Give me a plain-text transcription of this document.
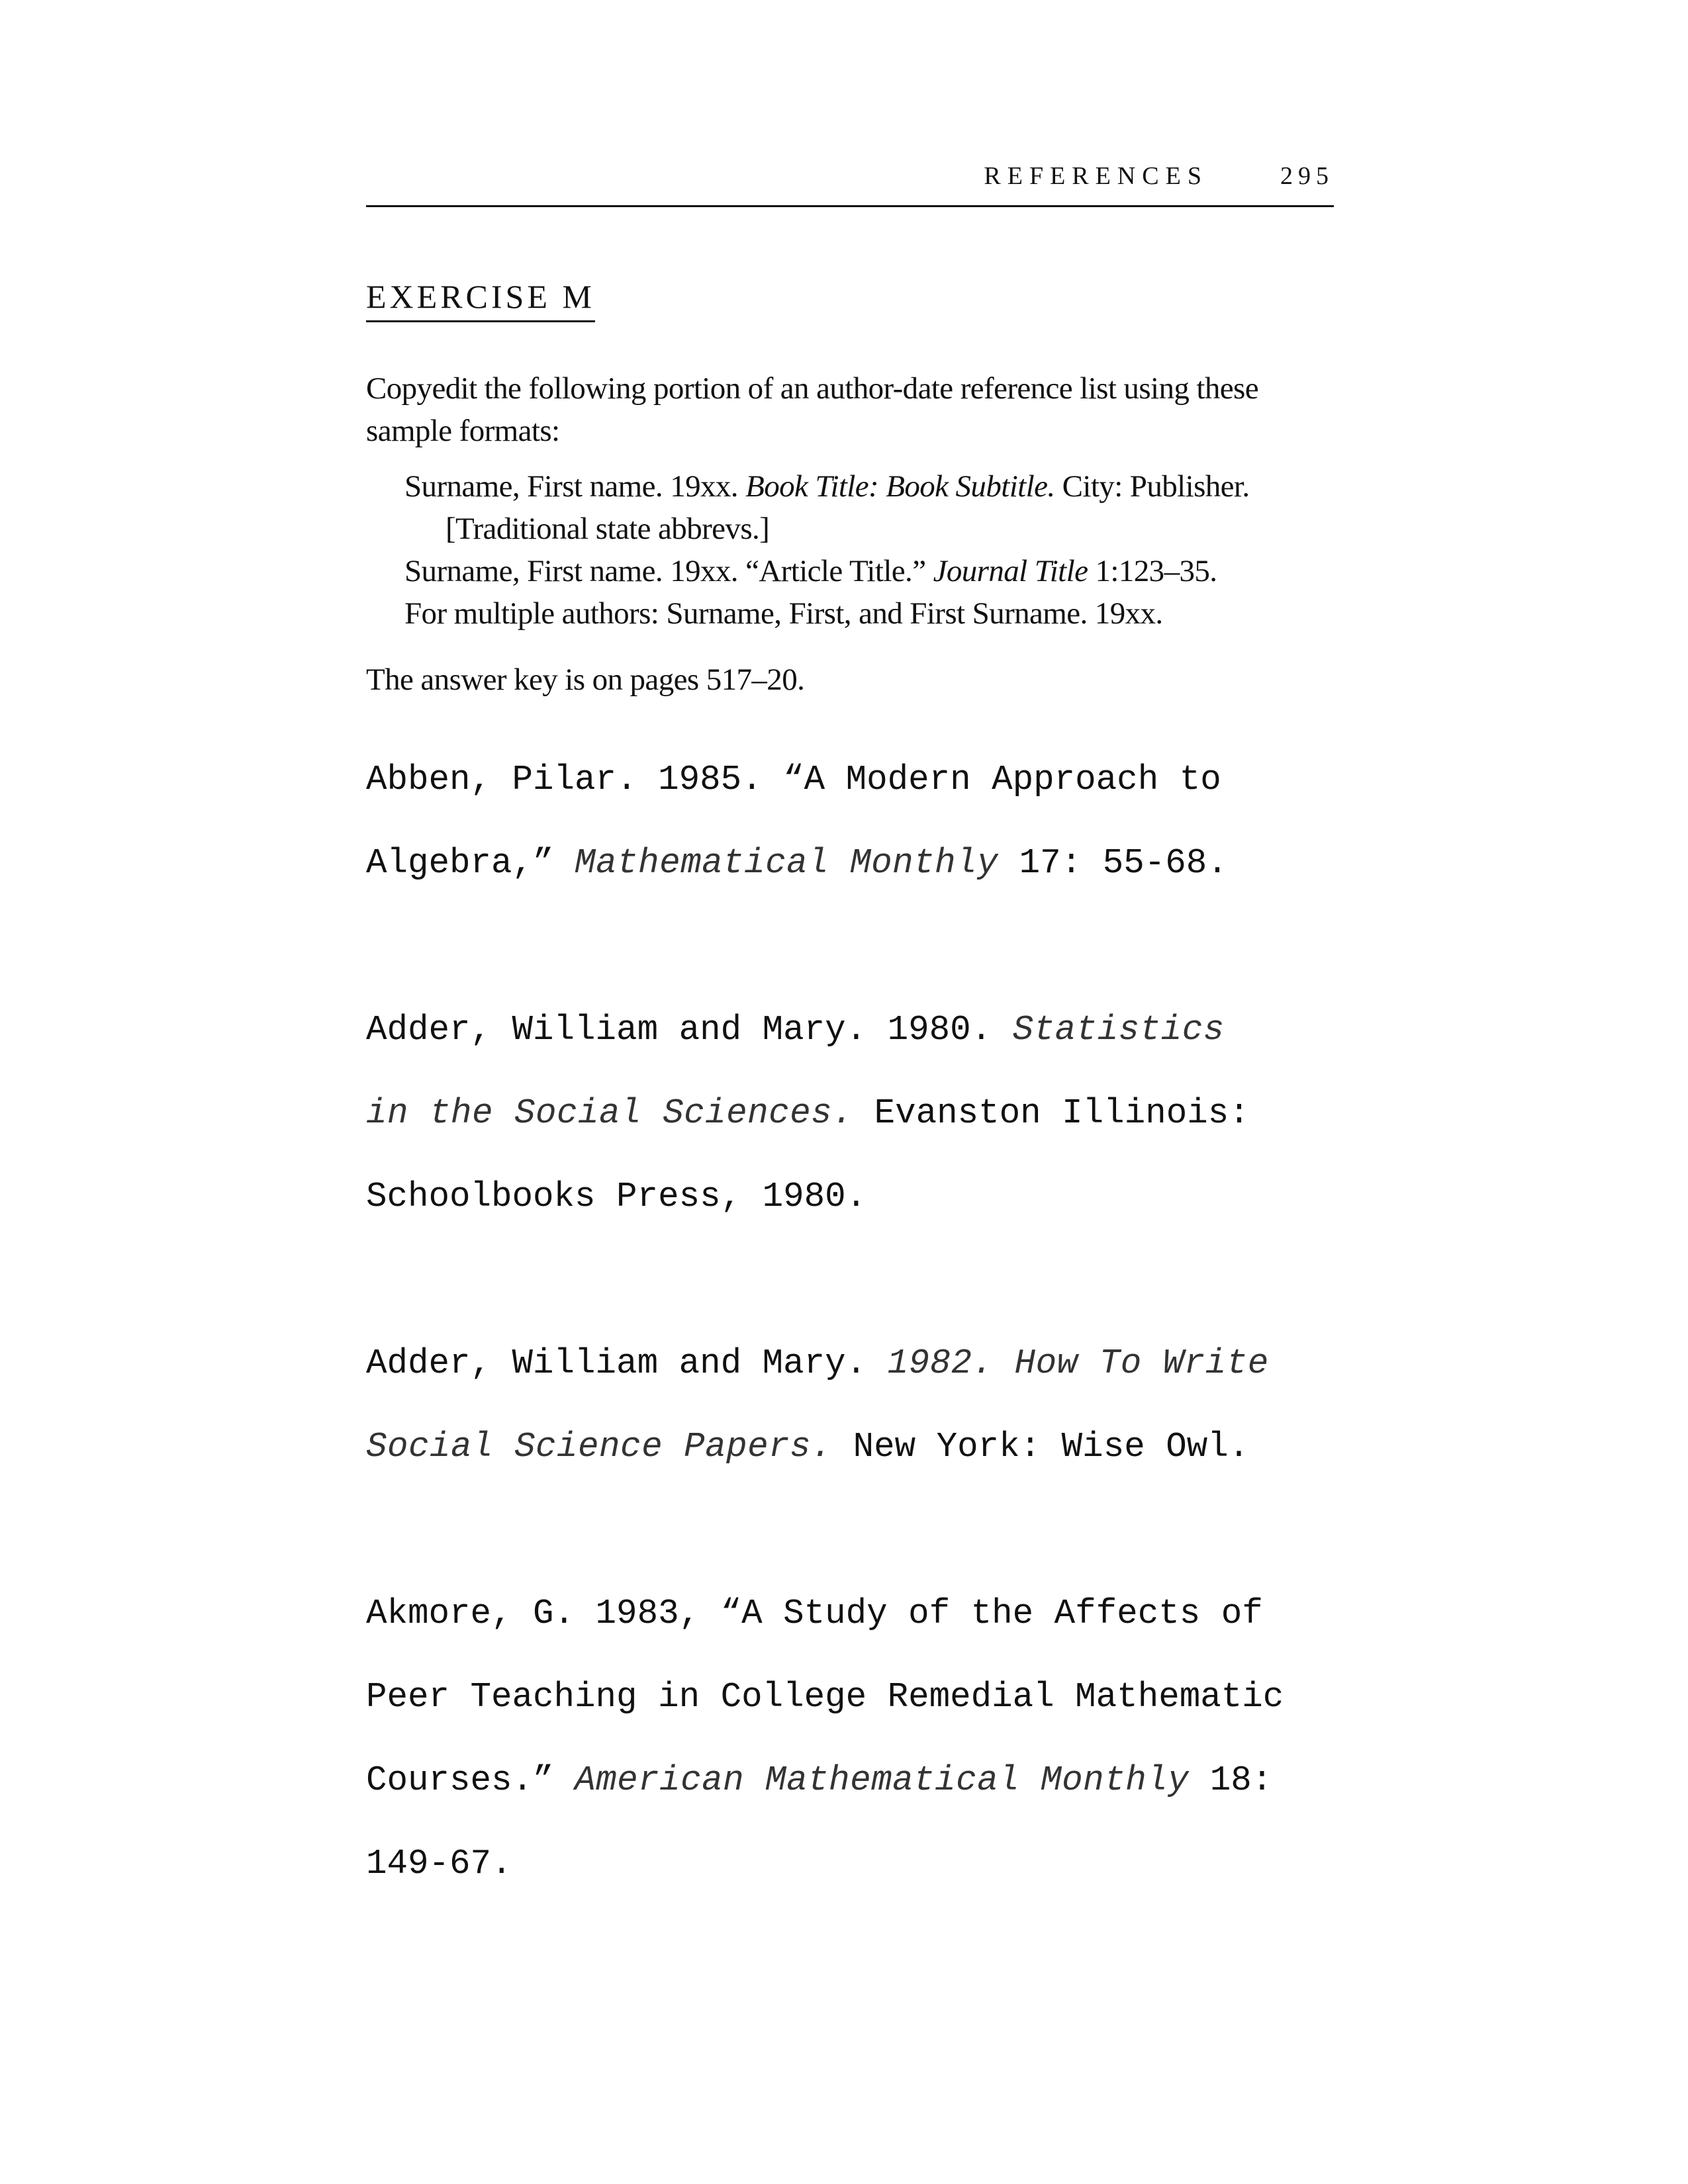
REFERENCES	295
EXERCISE M

Copyedit the following portion of an author-date reference list using these
sample formats:

Surname, First name. 19xx. Book Title: Book Subtitle. City: Publisher.
[Traditional state abbrevs.]
Surname, First name. 19xx. “Article Title.” Journal Title 1:123–35.
For multiple authors: Surname, First, and First Surname. 19xx.

The answer key is on pages 517–20.

Abben, Pilar. 1985. “A Modern Approach to
Algebra,” Mathematical Monthly 17: 55-68.
Adder, William and Mary. 1980. Statistics
in the Social Sciences. Evanston Illinois:
Schoolbooks Press, 1980.
Adder, William and Mary. 1982. How To Write
Social Science Papers. New York: Wise Owl.
Akmore, G. 1983, “A Study of the Affects of
Peer Teaching in College Remedial Mathematic
Courses.” American Mathematical Monthly 18:
149-67.
